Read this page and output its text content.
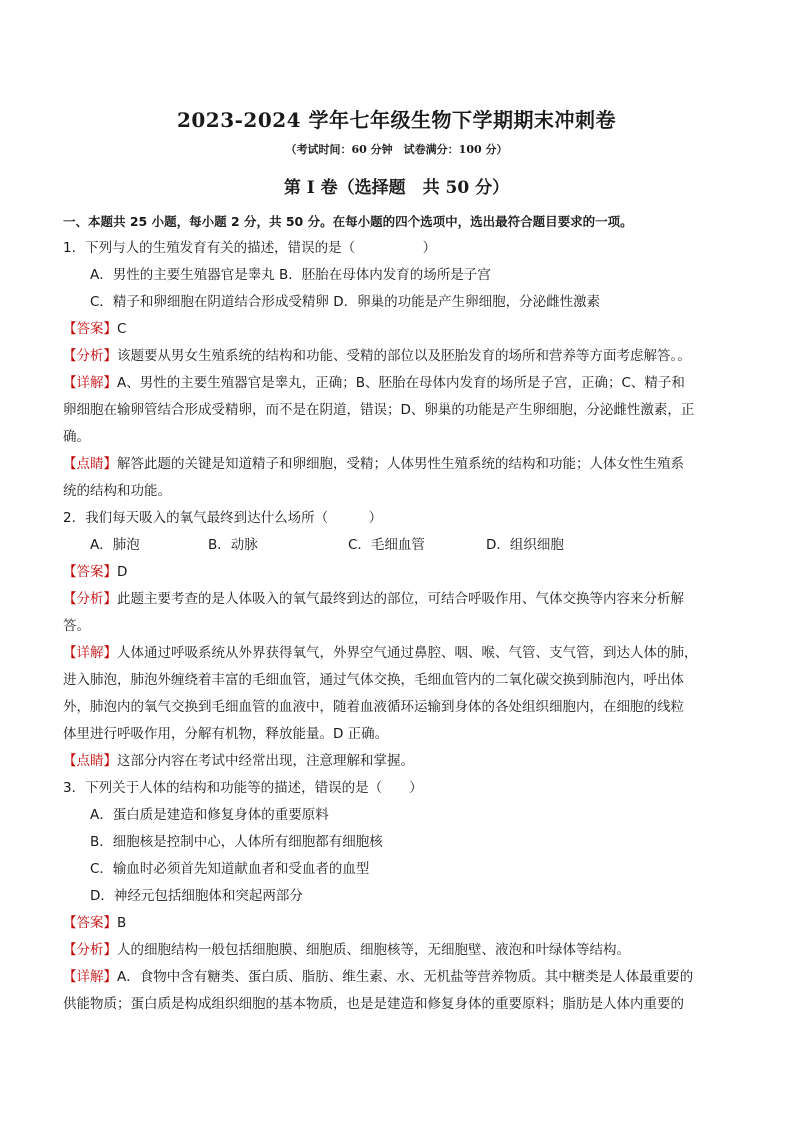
2023-2024 学年七年级生物下学期期末冲刺卷
（考试时间：60 分钟　试卷满分：100 分）
第 I 卷（选择题　共 50 分）
一、本题共 25 小题，每小题 2 分，共 50 分。在每小题的四个选项中，选出最符合题目要求的一项。
1．下列与人的生殖发育有关的描述，错误的是（　　　　　）
A．男性的主要生殖器官是睾丸 B．胚胎在母体内发育的场所是子宫
C．精子和卵细胞在阴道结合形成受精卵 D．卵巢的功能是产生卵细胞，分泌雌性激素
【答案】C
【分析】该题要从男女生殖系统的结构和功能、受精的部位以及胚胎发育的场所和营养等方面考虑解答。。
【详解】A、男性的主要生殖器官是睾丸，正确；B、胚胎在母体内发育的场所是子宫，正确；C、精子和
卵细胞在输卵管结合形成受精卵，而不是在阴道，错误；D、卵巢的功能是产生卵细胞，分泌雌性激素，正
确。
【点睛】解答此题的关键是知道精子和卵细胞，受精；人体男性生殖系统的结构和功能；人体女性生殖系
统的结构和功能。
2．我们每天吸入的氧气最终到达什么场所（　　　）
A．肺泡	B．动脉	C．毛细血管	D．组织细胞
【答案】D
【分析】此题主要考查的是人体吸入的氧气最终到达的部位，可结合呼吸作用、气体交换等内容来分析解
答。
【详解】人体通过呼吸系统从外界获得氧气，外界空气通过鼻腔、咽、喉、气管、支气管，到达人体的肺，
进入肺泡，肺泡外缠绕着丰富的毛细血管，通过气体交换，毛细血管内的二氧化碳交换到肺泡内，呼出体
外，肺泡内的氧气交换到毛细血管的血液中，随着血液循环运输到身体的各处组织细胞内，在细胞的线粒
体里进行呼吸作用，分解有机物，释放能量。D 正确。
【点睛】这部分内容在考试中经常出现，注意理解和掌握。
3．下列关于人体的结构和功能等的描述，错误的是（　　）
A．蛋白质是建造和修复身体的重要原料
B．细胞核是控制中心，人体所有细胞都有细胞核
C．输血时必须首先知道献血者和受血者的血型
D．神经元包括细胞体和突起两部分
【答案】B
【分析】人的细胞结构一般包括细胞膜、细胞质、细胞核等，无细胞壁、液泡和叶绿体等结构。
【详解】A．食物中含有糖类、蛋白质、脂肪、维生素、水、无机盐等营养物质。其中糖类是人体最重要的
供能物质；蛋白质是构成组织细胞的基本物质，也是是建造和修复身体的重要原料；脂肪是人体内重要的
